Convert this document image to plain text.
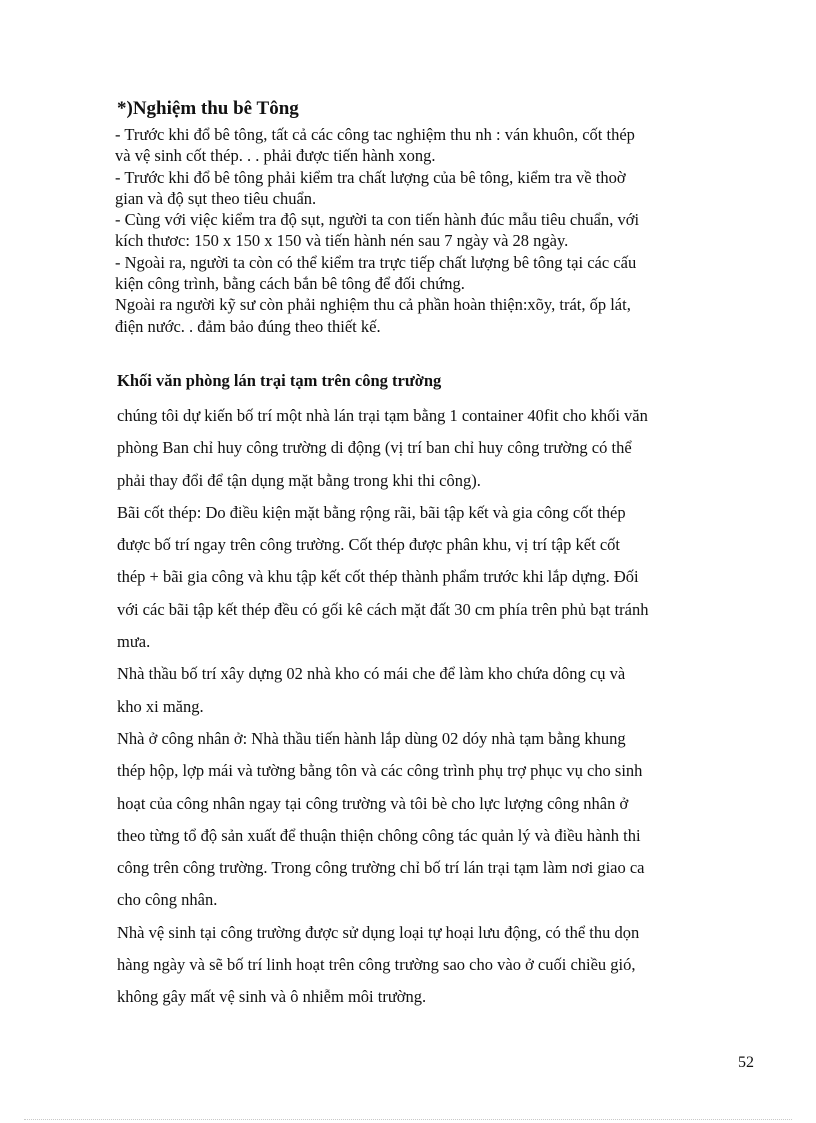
*)Nghiệm thu bê Tông

- Trước khi đổ bê tông, tất cả các công tac nghiệm thu nh : ván khuôn, cốt thép

và vệ sinh cốt thép. . . phải được tiến hành xong.

- Trước khi đổ bê tông phải kiểm tra chất lượng của bê tông, kiểm tra về thoờ

gian và độ sụt theo tiêu chuẩn.

- Cùng với việc kiểm tra độ sụt, người ta con tiến hành đúc mẫu tiêu chuẩn, với

kích thươc: 150 x 150 x 150 và tiến hành nén sau 7 ngày và 28 ngày.

- Ngoài ra, người ta còn có thể kiểm tra trực tiếp chất lượng bê tông tại các cấu

kiện công trình, bằng cách bắn bê tông để đối chứng.

Ngoài ra người kỹ sư còn phải nghiệm thu cả phần hoàn thiện:xõy, trát, ốp lát,

điện nước. . đảm bảo đúng theo thiết kế.

Khối văn phòng lán trại tạm trên công trường

chúng tôi dự kiến bố trí một nhà lán trại tạm bằng 1 container 40fit cho khối văn

phòng Ban chỉ huy công trường di động (vị trí ban chỉ huy công trường có thể

phải thay đổi để tận dụng mặt bằng trong khi thi công).

Bãi cốt thép: Do điều kiện mặt bằng rộng rãi, bãi tập kết và gia công cốt thép

được bố trí ngay trên công trường. Cốt thép được phân khu, vị trí tập kết cốt

thép + bãi gia công và khu tập kết cốt thép thành phẩm trước khi lắp dựng. Đối

với các bãi tập kết thép đều có gối kê cách mặt đất 30 cm phía trên phủ bạt tránh

mưa.

Nhà thầu bố trí xây dựng 02 nhà kho có mái che để làm kho chứa dông cụ và

kho xi măng.

Nhà ở công nhân ở: Nhà thầu tiến hành lắp dùng 02 dóy nhà tạm bằng khung

thép hộp, lợp mái và tường bằng tôn và các công trình phụ trợ phục vụ cho sinh

hoạt của công nhân ngay tại công trường và tôi bè cho lực lượng công nhân ở

theo từng tổ độ sản xuất để thuận thiện chông công tác quản lý và điều hành thi

công trên công trường. Trong công trường chỉ bố trí lán trại tạm làm nơi giao ca

cho công nhân.

Nhà vệ sinh tại công trường được sử dụng loại tự hoại lưu động, có thể thu dọn

hàng ngày và sẽ bố trí linh hoạt trên công trường sao cho vào ở cuối chiều gió,

không gây mất vệ sinh và ô nhiễm môi trường.

52
